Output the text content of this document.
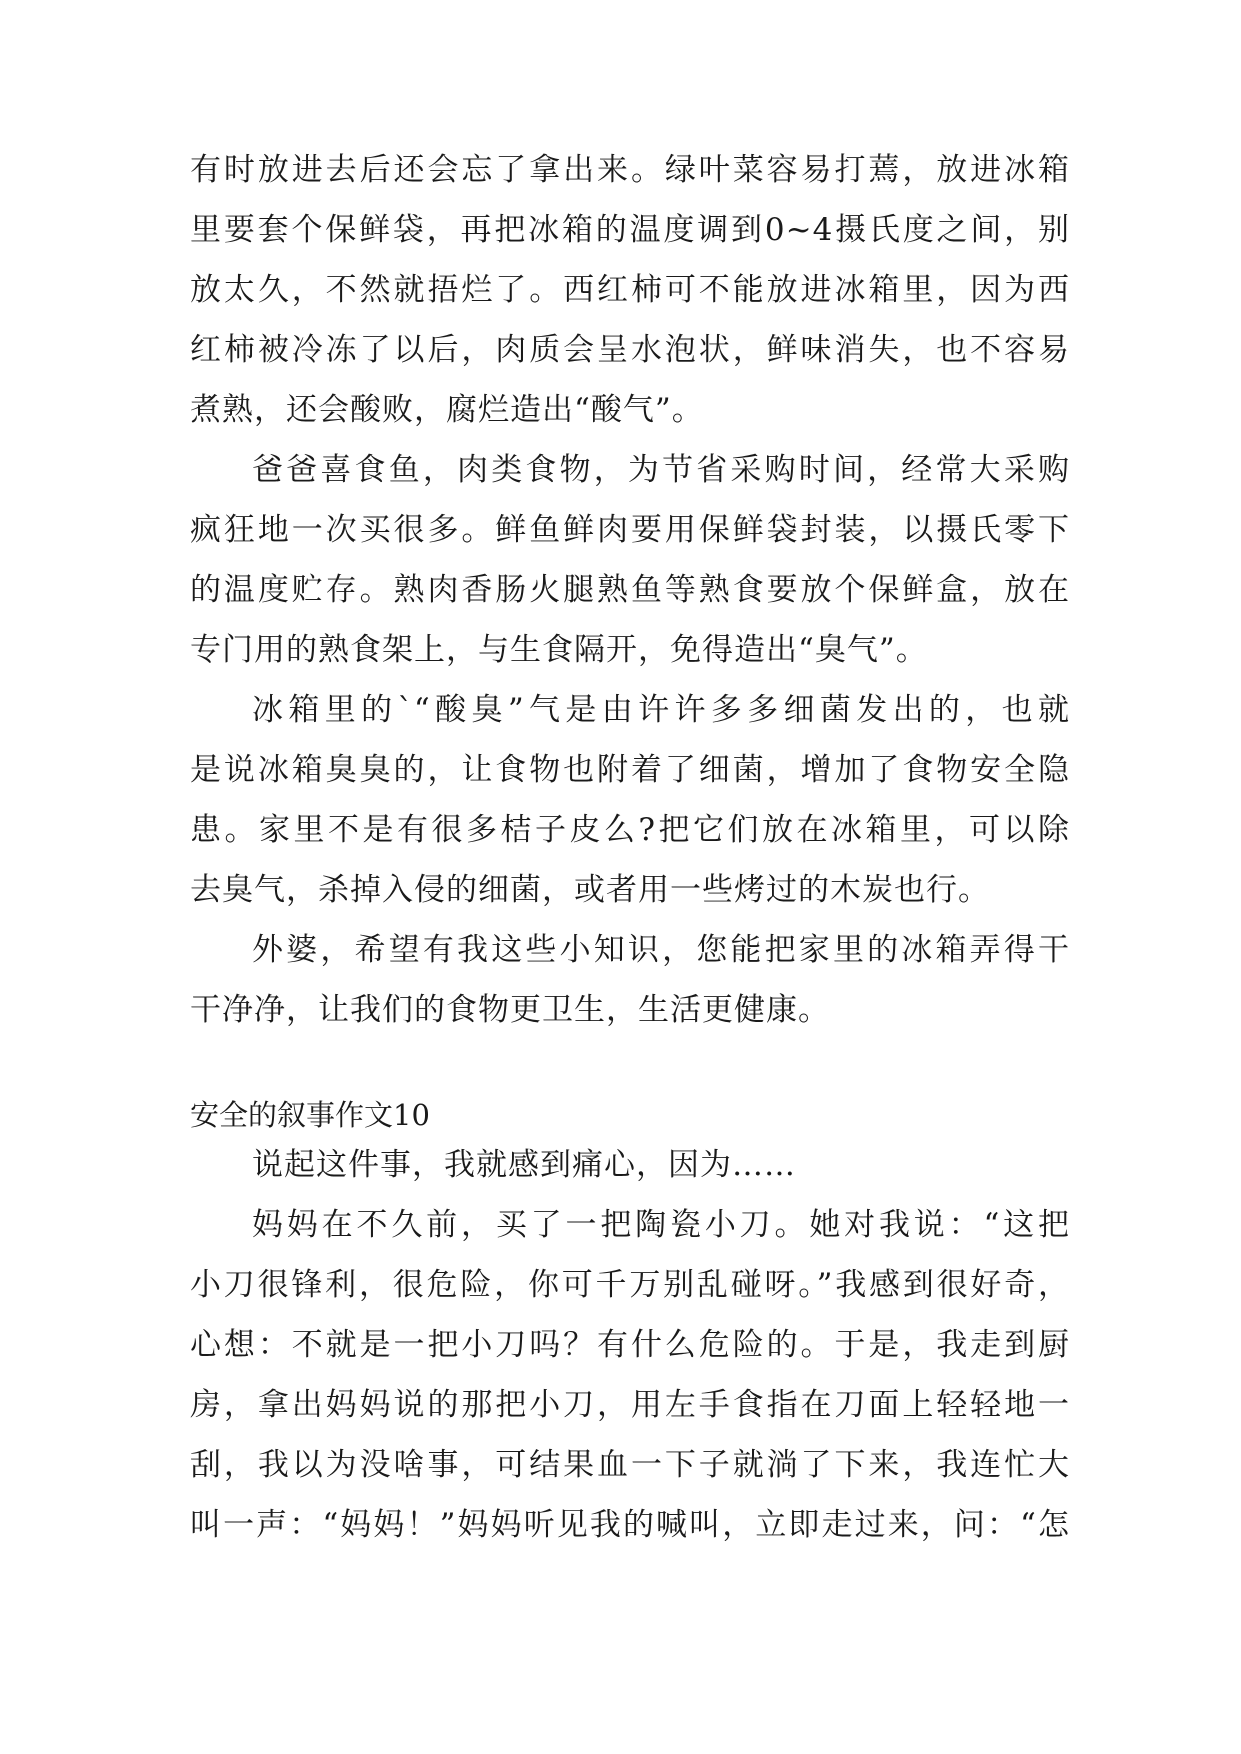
有时放进去后还会忘了拿出来。绿叶菜容易打蔫，放进冰箱
里要套个保鲜袋，再把冰箱的温度调到0~4摄氏度之间，别
放太久，不然就捂烂了。西红柿可不能放进冰箱里，因为西
红柿被冷冻了以后，肉质会呈水泡状，鲜味消失，也不容易
煮熟，还会酸败，腐烂造出“酸气”。
爸爸喜食鱼，肉类食物，为节省采购时间，经常大采购
疯狂地一次买很多。鲜鱼鲜肉要用保鲜袋封装，以摄氏零下
的温度贮存。熟肉香肠火腿熟鱼等熟食要放个保鲜盒，放在
专门用的熟食架上，与生食隔开，免得造出“臭气”。
冰箱里的`“酸臭”气是由许许多多细菌发出的，也就
是说冰箱臭臭的，让食物也附着了细菌，增加了食物安全隐
患。家里不是有很多桔子皮么?把它们放在冰箱里，可以除
去臭气，杀掉入侵的细菌，或者用一些烤过的木炭也行。
外婆，希望有我这些小知识，您能把家里的冰箱弄得干
干净净，让我们的食物更卫生，生活更健康。
安全的叙事作文10
说起这件事，我就感到痛心，因为……
妈妈在不久前，买了一把陶瓷小刀。她对我说：“这把
小刀很锋利，很危险，你可千万别乱碰呀。”我感到很好奇，
心想：不就是一把小刀吗？有什么危险的。于是，我走到厨
房，拿出妈妈说的那把小刀，用左手食指在刀面上轻轻地一
刮，我以为没啥事，可结果血一下子就淌了下来，我连忙大
叫一声：“妈妈！”妈妈听见我的喊叫，立即走过来，问：“怎
